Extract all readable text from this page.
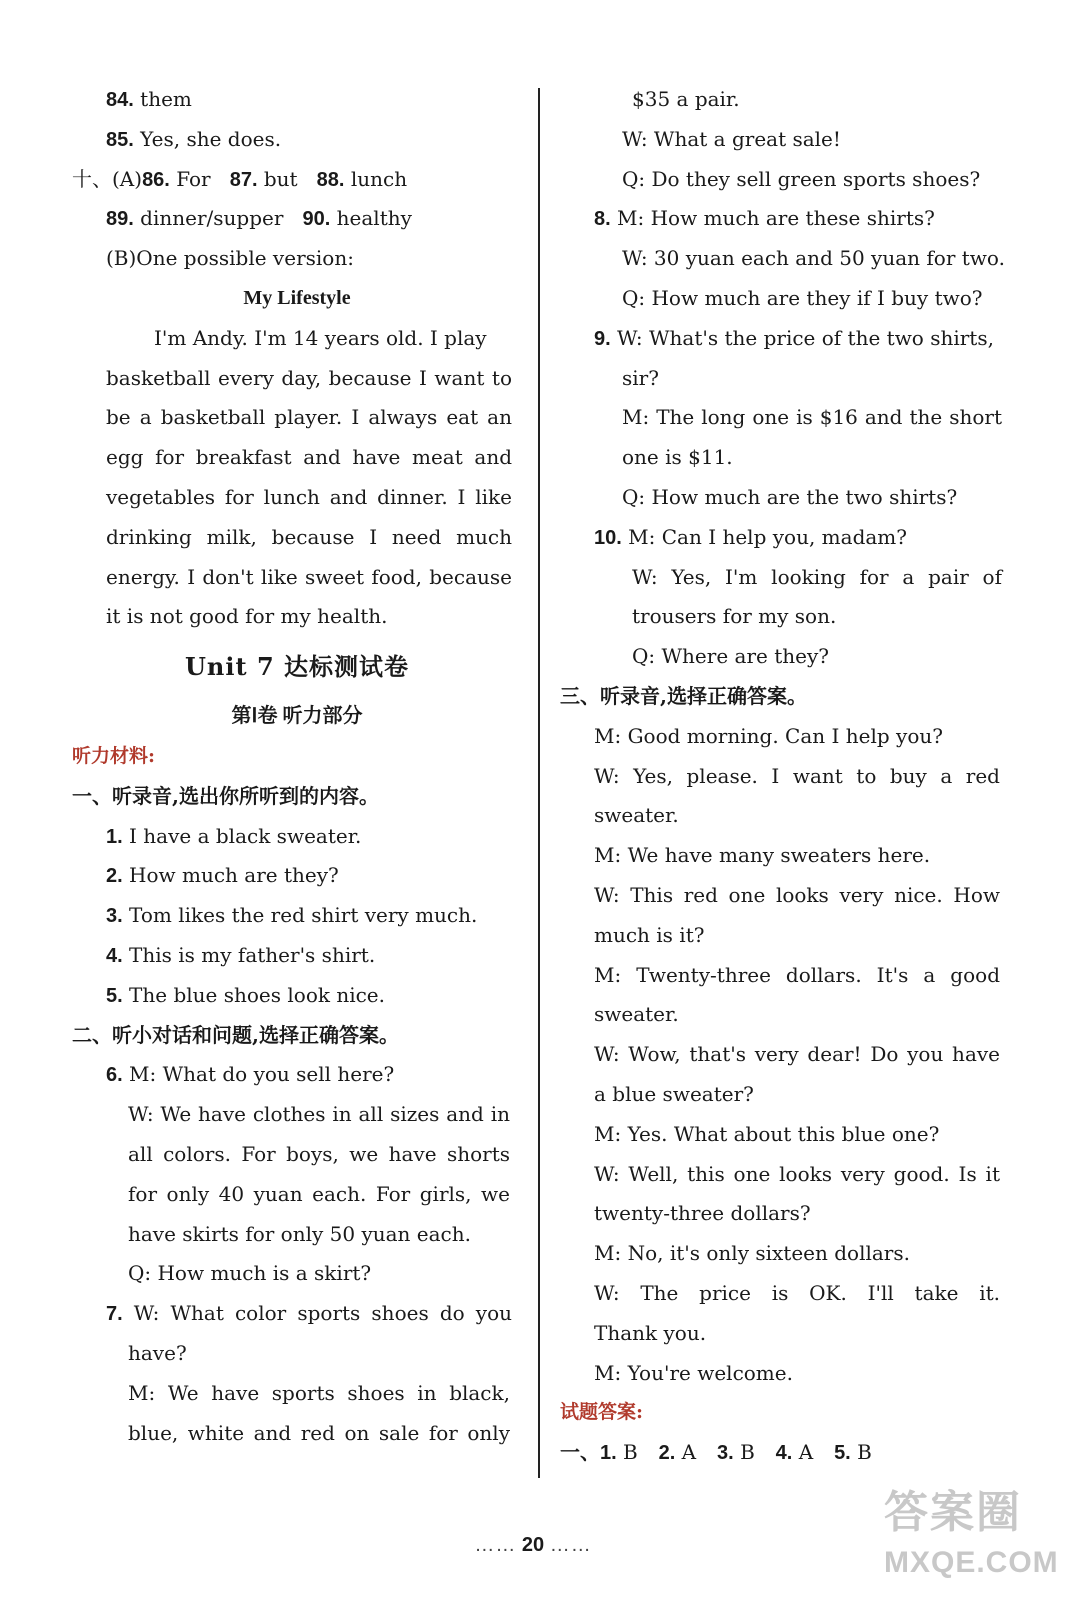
84. them
85. Yes, she does.
十、(A)86. For 87. but 88. lunch
89. dinner/supper 90. healthy
(B)One possible version:
My Lifestyle
I'm Andy. I'm 14 years old. I play
basketball every day, because I want to
be a basketball player. I always eat an
egg for breakfast and have meat and
vegetables for lunch and dinner. I like
drinking milk, because I need much
energy. I don't like sweet food, because
it is not good for my health.
Unit 7 达标测试卷
第Ⅰ卷 听力部分
听力材料:
一、听录音,选出你所听到的内容。
1. I have a black sweater.
2. How much are they?
3. Tom likes the red shirt very much.
4. This is my father's shirt.
5. The blue shoes look nice.
二、听小对话和问题,选择正确答案。
6. M: What do you sell here?
W: We have clothes in all sizes and in
all colors. For boys, we have shorts
for only 40 yuan each. For girls, we
have skirts for only 50 yuan each.
Q: How much is a skirt?
7. W: What color sports shoes do you
have?
M: We have sports shoes in black,
blue, white and red on sale for only
$35 a pair.
W: What a great sale!
Q: Do they sell green sports shoes?
8. M: How much are these shirts?
W: 30 yuan each and 50 yuan for two.
Q: How much are they if I buy two?
9. W: What's the price of the two shirts,
sir?
M: The long one is $16 and the short
one is $11.
Q: How much are the two shirts?
10. M: Can I help you, madam?
W: Yes, I'm looking for a pair of
trousers for my son.
Q: Where are they?
三、听录音,选择正确答案。
M: Good morning. Can I help you?
W: Yes, please. I want to buy a red
sweater.
M: We have many sweaters here.
W: This red one looks very nice. How
much is it?
M: Twenty-three dollars. It's a good
sweater.
W: Wow, that's very dear! Do you have
a blue sweater?
M: Yes. What about this blue one?
W: Well, this one looks very good. Is it
twenty-three dollars?
M: No, it's only sixteen dollars.
W: The price is OK. I'll take it.
Thank you.
M: You're welcome.
试题答案:
一、1. B 2. A 3. B 4. A 5. B
…… 20 ……
答案圈
MXQE.COM
